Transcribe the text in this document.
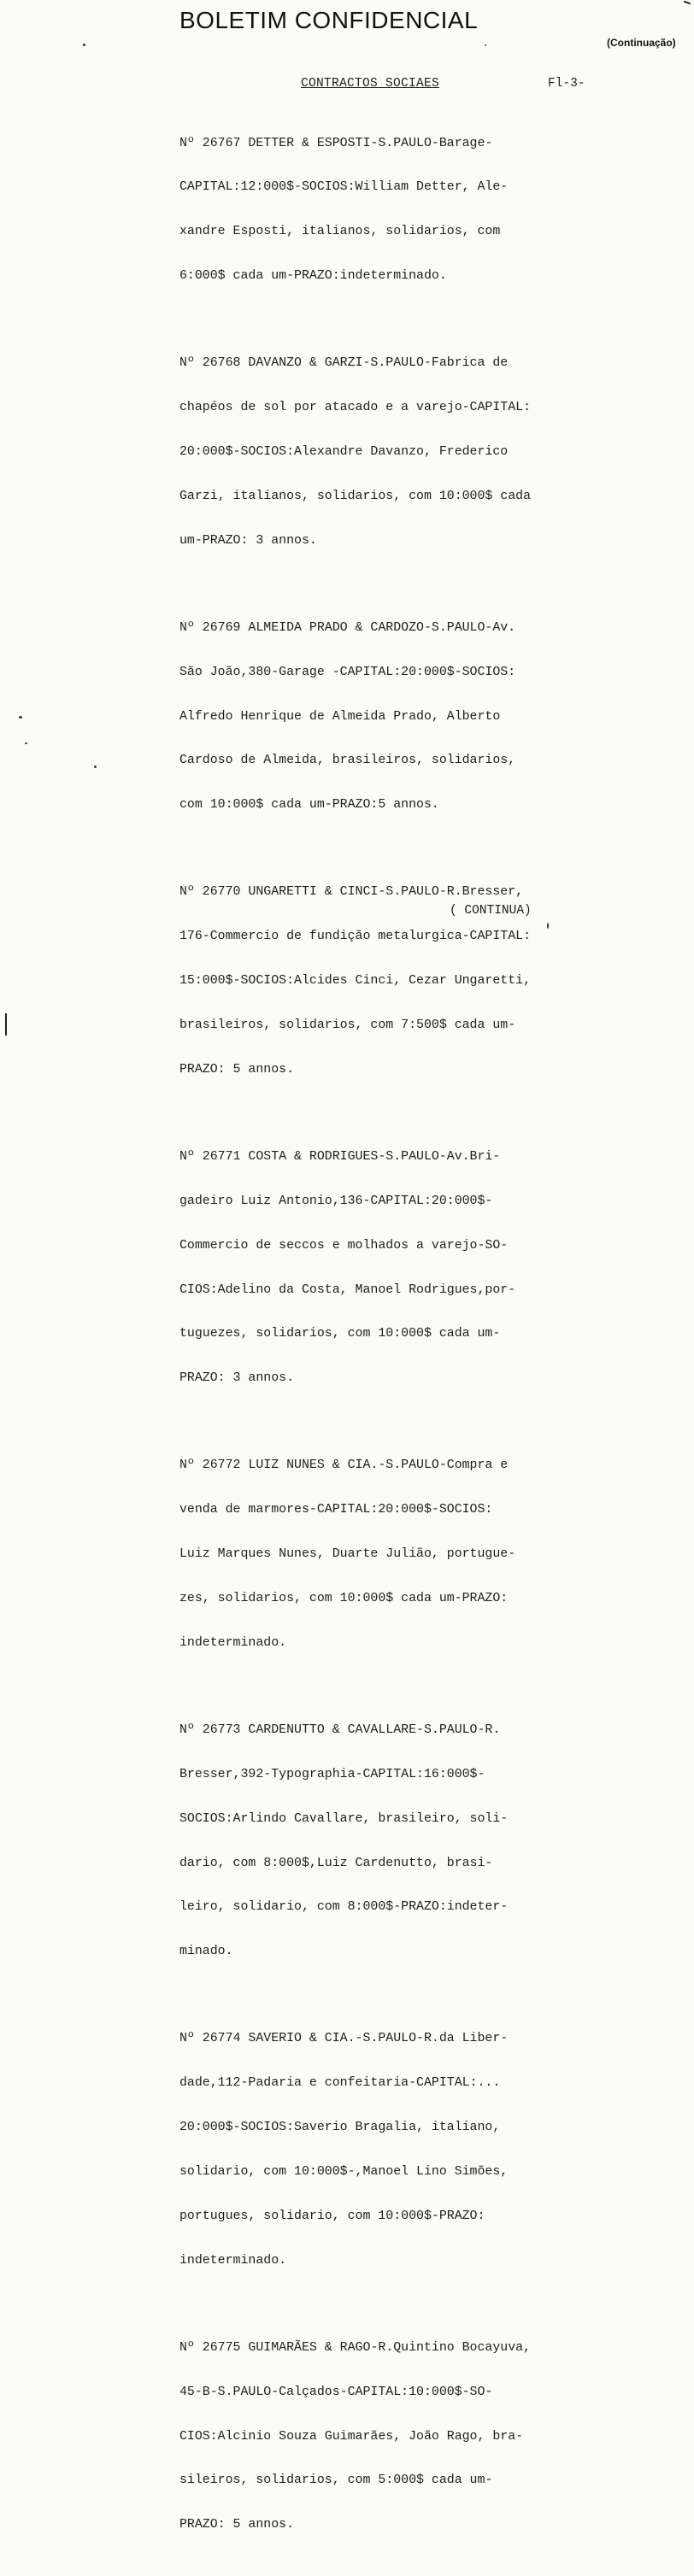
BOLETIM CONFIDENCIAL
(Continuação)
CONTRACTOS SOCIAES	Fl-3-

Nº 26767 DETTER & ESPOSTI-S.PAULO-Barage-

CAPITAL:12:000$-SOCIOS:William Detter, Ale-

xandre Esposti, italianos, solidarios, com

6:000$ cada um-PRAZO:indeterminado.

Nº 26768 DAVANZO & GARZI-S.PAULO-Fabrica de

chapéos de sol por atacado e a varejo-CAPITAL:

20:000$-SOCIOS:Alexandre Davanzo, Frederico

Garzi, italianos, solidarios, com 10:000$ cada

um-PRAZO: 3 annos.

Nº 26769 ALMEIDA PRADO & CARDOZO-S.PAULO-Av.

São João,380-Garage -CAPITAL:20:000$-SOCIOS:

Alfredo Henrique de Almeida Prado, Alberto

Cardoso de Almeida, brasileiros, solidarios,

com 10:000$ cada um-PRAZO:5 annos.

Nº 26770 UNGARETTI & CINCI-S.PAULO-R.Bresser,

176-Commercio de fundição metalurgica-CAPITAL:

15:000$-SOCIOS:Alcides Cinci, Cezar Ungaretti,

brasileiros, solidarios, com 7:500$ cada um-

PRAZO: 5 annos.

Nº 26771 COSTA & RODRIGUES-S.PAULO-Av.Bri-

gadeiro Luiz Antonio,136-CAPITAL:20:000$-

Commercio de seccos e molhados a varejo-SO-

CIOS:Adelino da Costa, Manoel Rodrigues,por-

tuguezes, solidarios, com 10:000$ cada um-

PRAZO: 3 annos.

Nº 26772 LUIZ NUNES & CIA.-S.PAULO-Compra e

venda de marmores-CAPITAL:20:000$-SOCIOS:

Luiz Marques Nunes, Duarte Julião, portugue-

zes, solidarios, com 10:000$ cada um-PRAZO:

indeterminado.

Nº 26773 CARDENUTTO & CAVALLARE-S.PAULO-R.

Bresser,392-Typographia-CAPITAL:16:000$-

SOCIOS:Arlindo Cavallare, brasileiro, soli-

dario, com 8:000$,Luiz Cardenutto, brasi-

leiro, solidario, com 8:000$-PRAZO:indeter-

minado.

Nº 26774 SAVERIO & CIA.-S.PAULO-R.da Liber-

dade,112-Padaria e confeitaria-CAPITAL:...

20:000$-SOCIOS:Saverio Bragalia, italiano,

solidario, com 10:000$-,Manoel Lino Simões,

portugues, solidario, com 10:000$-PRAZO:

indeterminado.

Nº 26775 GUIMARÃES & RAGO-R.Quintino Bocayuva,

45-B-S.PAULO-Calçados-CAPITAL:10:000$-SO-

CIOS:Alcinio Souza Guimarães, João Rago, bra-

sileiros, solidarios, com 5:000$ cada um-

PRAZO: 5 annos.

( CONTINUA)
